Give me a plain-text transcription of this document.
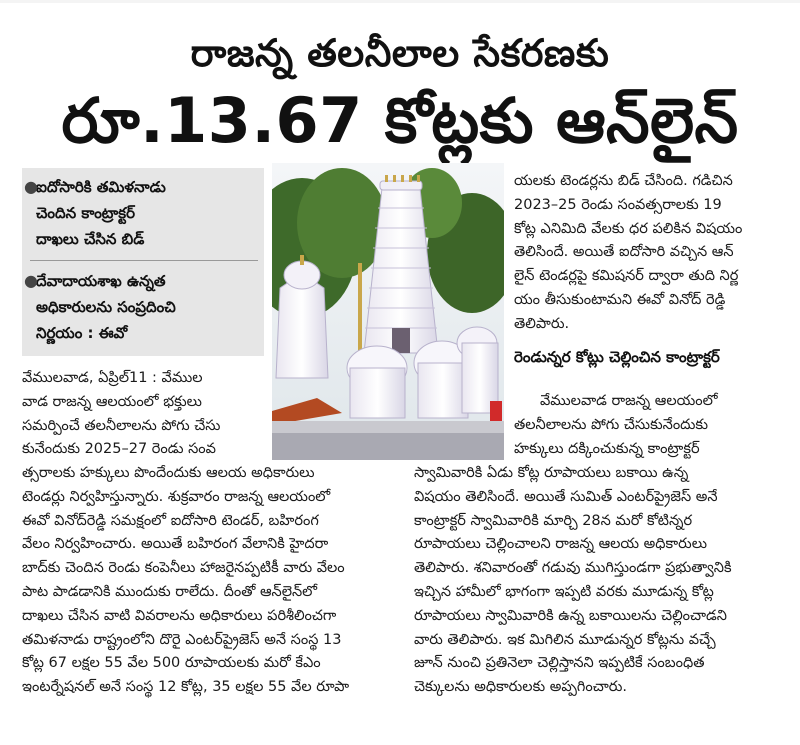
రాజన్న తలనీలాల సేకరణకు
రూ.13.67 కోట్లకు ఆన్‌లైన్
●
ఐదోసారికి తమిళనాడు
చెందిన కాంట్రాక్టర్
దాఖలు చేసిన బిడ్
●
దేవాదాయశాఖ ఉన్నత
అధికారులను సంప్రదించి
నిర్ణయం : ఈవో

వేములవాడ, ఏప్రిల్11 : వేముల

వాడ రాజన్న ఆలయంలో భక్తులు

సమర్పించే తలనీలాలను పోగు చేసు

కునేందుకు 2025–27 రెండు సంవ

త్సరాలకు హక్కులు పొందేందుకు ఆలయ అధికారులు

టెండర్లు నిర్వహిస్తున్నారు. శుక్రవారం రాజన్న ఆలయంలో

ఈవో వినోద్‌రెడ్డి సమక్షంలో ఐదోసారి టెండర్, బహిరంగ

వేలం నిర్వహించారు. అయితే బహిరంగ వేలానికి హైదరా

బాద్‌కు చెందిన రెండు కంపెనీలు హాజరైనప్పటికీ వారు వేలం

పాట పాడడానికి ముందుకు రాలేదు. దీంతో ఆన్‌లైన్‌లో

దాఖలు చేసిన వాటి వివరాలను అధికారులు పరిశీలించగా

తమిళనాడు రాష్ట్రంలోని దొరై ఎంటర్‌ప్రైజెస్ అనే సంస్థ 13

కోట్ల 67 లక్షల 55 వేల 500 రూపాయలకు మరో కేఎం

ఇంటర్నేషనల్ అనే సంస్థ 12 కోట్ల, 35 లక్షల 55 వేల రూపా

యలకు టెండర్లను బిడ్ చేసింది. గడిచిన

2023–25 రెండు సంవత్సరాలకు 19

కోట్ల ఎనిమిది వేలకు ధర పలికిన విషయం

తెలిసిందే. అయితే ఐదోసారి వచ్చిన ఆన్

లైన్ టెండర్లపై కమిషనర్ ద్వారా తుది నిర్ణ

యం తీసుకుంటామని ఈవో వినోద్ రెడ్డి

తెలిపారు.

రెండున్నర కోట్లు చెల్లించిన కాంట్రాక్టర్

వేములవాడ రాజన్న ఆలయంలో

తలనీలాలను పోగు చేసుకునేందుకు

హక్కులు దక్కించుకున్న కాంట్రాక్టర్

స్వామివారికి ఏడు కోట్ల రూపాయలు బకాయి ఉన్న

విషయం తెలిసిందే. అయితే సుమిత్ ఎంటర్‌ప్రైజెస్ అనే

కాంట్రాక్టర్ స్వామివారికి మార్చి 28న మరో కోటిన్నర

రూపాయలు చెల్లించాలని రాజన్న ఆలయ అధికారులు

తెలిపారు. శనివారంతో గడువు ముగిస్తుండగా ప్రభుత్వానికి

ఇచ్చిన హామీలో భాగంగా ఇప్పటి వరకు మూడున్న కోట్ల

రూపాయలు స్వామివారికి ఉన్న బకాయిలను చెల్లించాడని

వారు తెలిపారు. ఇక మిగిలిన మూడున్నర కోట్లను వచ్చే

జూన్ నుంచి ప్రతినెలా చెల్లిస్తానని ఇప్పటికే సంబంధిత

చెక్కులను అధికారులకు అప్పగించారు.
